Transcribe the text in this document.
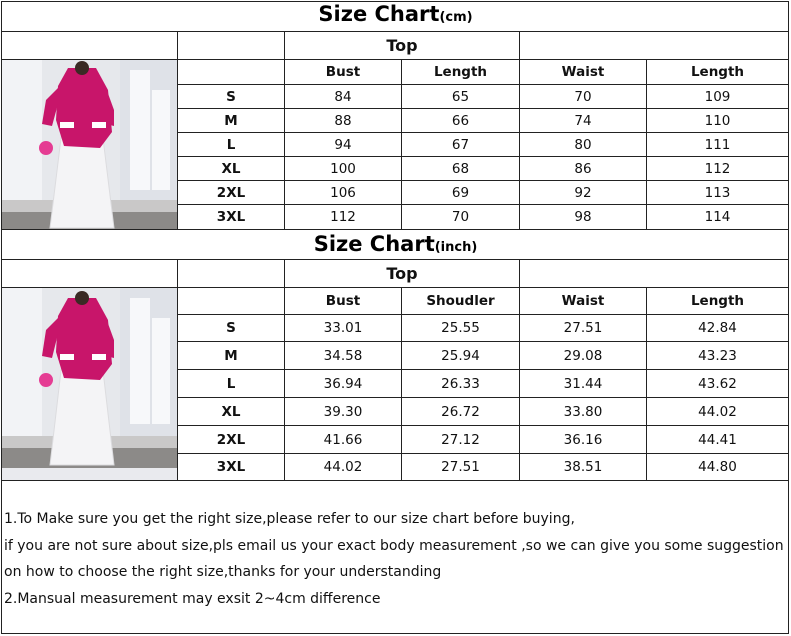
Size Chart(cm)
		Top			

		Bust	Length	Waist	Length
	S	84	65	70	109
	M	88	66	74	110
	L	94	67	80	111
	XL	100	68	86	112
	2XL	106	69	92	113
	3XL	112	70	98	114
Size Chart(inch)
		Top			

		Bust	Shoudler	Waist	Length
	S	33.01	25.55	27.51	42.84
	M	34.58	25.94	29.08	43.23
	L	36.94	26.33	31.44	43.62
	XL	39.30	26.72	33.80	44.02
	2XL	41.66	27.12	36.16	44.41
	3XL	44.02	27.51	38.51	44.80
1.To Make sure you get the right size,please refer to our size chart before buying,
if you are not sure about size,pls email us your exact body measurement ,so we can give you some suggestion
on how to choose the right size,thanks for your understanding
2.Mansual measurement may exsit 2~4cm difference
